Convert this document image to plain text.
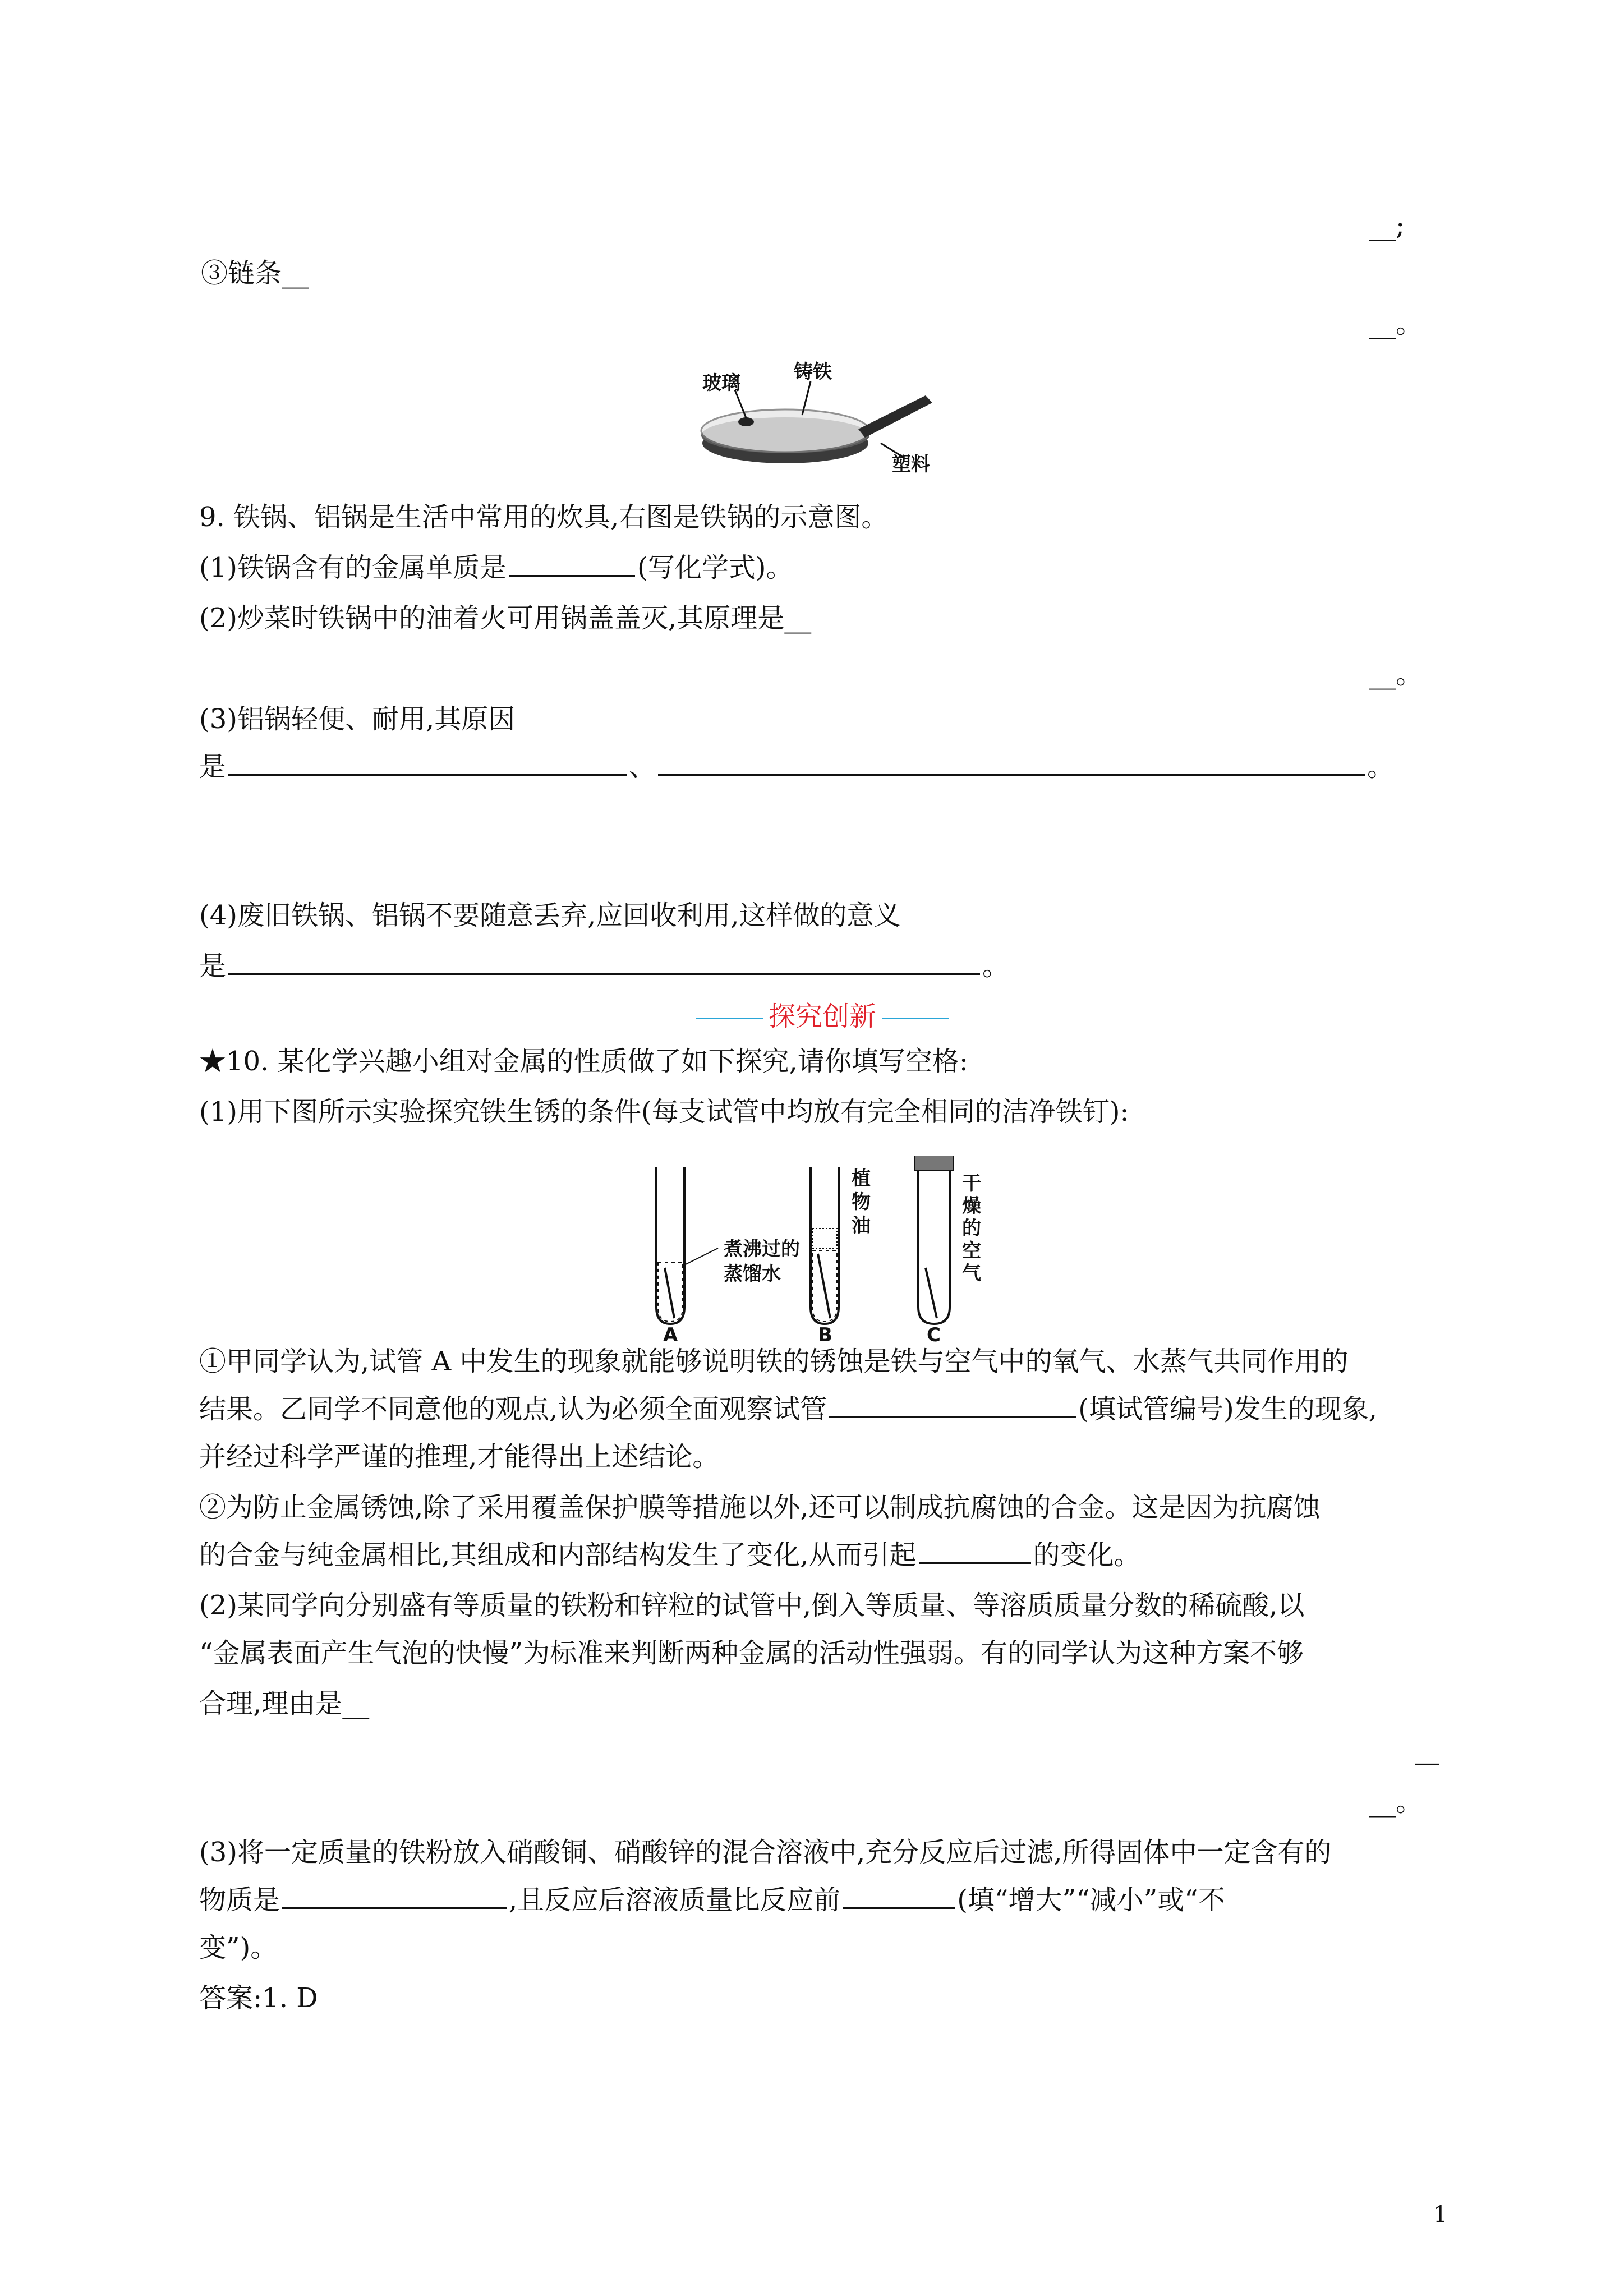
__;
③链条__
__。
玻璃	铸铁
塑料
9. 铁锅、铝锅是生活中常用的炊具,右图是铁锅的示意图。
(1)铁锅含有的金属单质是	(写化学式)。
(2)炒菜时铁锅中的油着火可用锅盖盖灭,其原理是__
__。
(3)铝锅轻便、耐用,其原因
是	、	。
(4)废旧铁锅、铝锅不要随意丢弃,应回收利用,这样做的意义
是	。
探究创新
★10. 某化学兴趣小组对金属的性质做了如下探究,请你填写空格:
(1)用下图所示实验探究铁生锈的条件(每支试管中均放有完全相同的洁净铁钉):
煮沸过的
蒸馏水
植
物
油
干
燥
的
空
气
A	B	C
①甲同学认为,试管 A 中发生的现象就能够说明铁的锈蚀是铁与空气中的氧气、水蒸气共同作用的
结果。乙同学不同意他的观点,认为必须全面观察试管	(填试管编号)发生的现象,
并经过科学严谨的推理,才能得出上述结论。
②为防止金属锈蚀,除了采用覆盖保护膜等措施以外,还可以制成抗腐蚀的合金。这是因为抗腐蚀
的合金与纯金属相比,其组成和内部结构发生了变化,从而引起	的变化。
(2)某同学向分别盛有等质量的铁粉和锌粒的试管中,倒入等质量、等溶质质量分数的稀硫酸,以
“金属表面产生气泡的快慢”为标准来判断两种金属的活动性强弱。有的同学认为这种方案不够
合理,理由是__
—
__。
(3)将一定质量的铁粉放入硝酸铜、硝酸锌的混合溶液中,充分反应后过滤,所得固体中一定含有的
物质是	,且反应后溶液质量比反应前	(填“增大”“减小”或“不
变”)。
答案:1. D
1
